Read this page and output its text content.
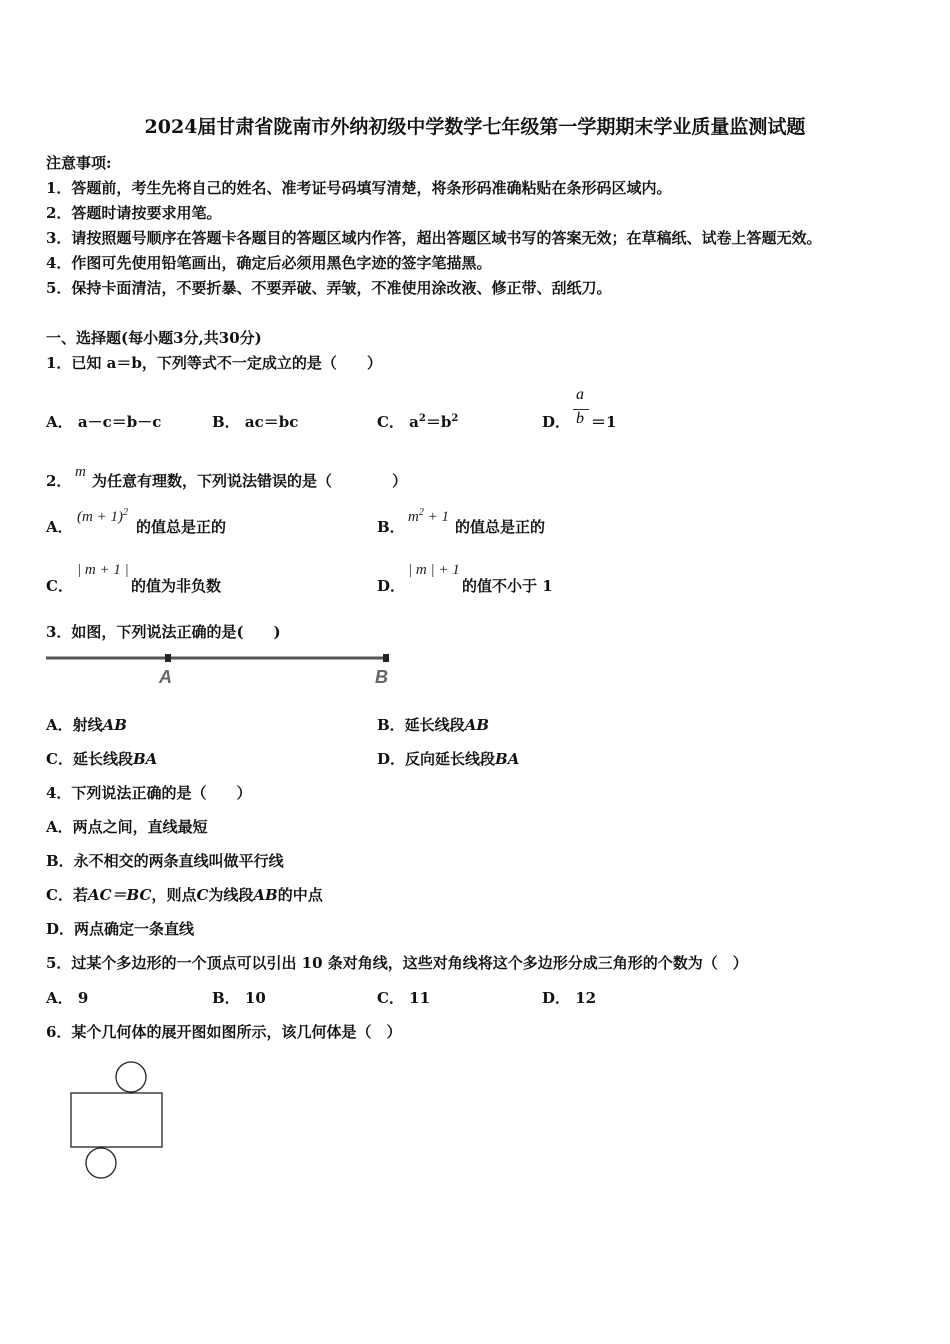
2024届甘肃省陇南市外纳初级中学数学七年级第一学期期末学业质量监测试题
注意事项:
1．答题前，考生先将自己的姓名、准考证号码填写清楚，将条形码准确粘贴在条形码区域内。
2．答题时请按要求用笔。
3．请按照题号顺序在答题卡各题目的答题区域内作答，超出答题区域书写的答案无效；在草稿纸、试卷上答题无效。
4．作图可先使用铅笔画出，确定后必须用黑色字迹的签字笔描黑。
5．保持卡面清洁，不要折暴、不要弄破、弄皱，不准使用涂改液、修正带、刮纸刀。
一、选择题(每小题3分,共30分)
1．已知 a＝b，下列等式不一定成立的是（　　）
A． a－c＝b－c	B． ac＝bc	C． $a^2=b^2$	D．
a
b ＝1
2． m 为任意有理数，下列说法错误的是（　　　　）
A．
$(m + 1)^2$
的值总是正的	B．
$m^2 + 1$
的值总是正的
C．
| m + 1 |
的值为非负数	D．
| m | + 1
的值不小于 1
3．如图，下列说法正确的是(　　)
A	B
A．射线AB	B．延长线段AB
C．延长线段BA	D．反向延长线段BA
4．下列说法正确的是（　　）
A．两点之间，直线最短
B．永不相交的两条直线叫做平行线
C．若AC＝BC，则点C为线段AB的中点
D．两点确定一条直线
5．过某个多边形的一个顶点可以引出 10 条对角线，这些对角线将这个多边形分成三角形的个数为（　）
A． 9	B． 10	C． 11	D． 12
6．某个几何体的展开图如图所示，该几何体是（　）
